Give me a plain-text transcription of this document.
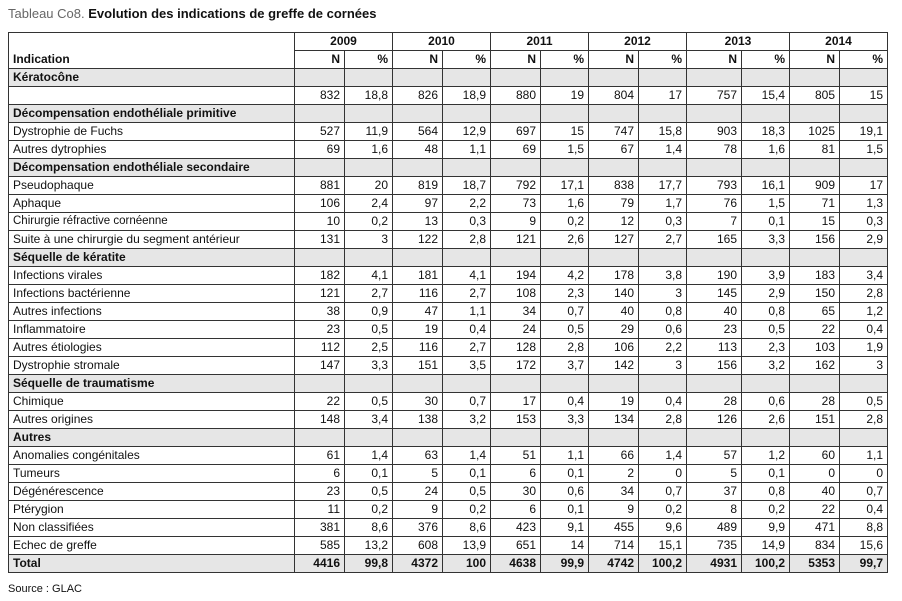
Tableau Co8. Evolution des indications de greffe de cornées
Indication	2009		2010		2011		2012		2013		2014	
	N	%	N	%	N	%	N	%	N	%	N	%
Kératocône												
	832	18,8	826	18,9	880	19	804	17	757	15,4	805	15
Décompensation endothéliale primitive												
Dystrophie de Fuchs	527	11,9	564	12,9	697	15	747	15,8	903	18,3	1025	19,1
Autres dytrophies	69	1,6	48	1,1	69	1,5	67	1,4	78	1,6	81	1,5
Décompensation endothéliale secondaire												
Pseudophaque	881	20	819	18,7	792	17,1	838	17,7	793	16,1	909	17
Aphaque	106	2,4	97	2,2	73	1,6	79	1,7	76	1,5	71	1,3
Chirurgie réfractive cornéenne	10	0,2	13	0,3	9	0,2	12	0,3	7	0,1	15	0,3
Suite à une chirurgie du segment antérieur	131	3	122	2,8	121	2,6	127	2,7	165	3,3	156	2,9
Séquelle de kératite												
Infections virales	182	4,1	181	4,1	194	4,2	178	3,8	190	3,9	183	3,4
Infections bactérienne	121	2,7	116	2,7	108	2,3	140	3	145	2,9	150	2,8
Autres infections	38	0,9	47	1,1	34	0,7	40	0,8	40	0,8	65	1,2
Inflammatoire	23	0,5	19	0,4	24	0,5	29	0,6	23	0,5	22	0,4
Autres étiologies	112	2,5	116	2,7	128	2,8	106	2,2	113	2,3	103	1,9
Dystrophie stromale	147	3,3	151	3,5	172	3,7	142	3	156	3,2	162	3
Séquelle de traumatisme												
Chimique	22	0,5	30	0,7	17	0,4	19	0,4	28	0,6	28	0,5
Autres origines	148	3,4	138	3,2	153	3,3	134	2,8	126	2,6	151	2,8
Autres												
Anomalies congénitales	61	1,4	63	1,4	51	1,1	66	1,4	57	1,2	60	1,1
Tumeurs	6	0,1	5	0,1	6	0,1	2	0	5	0,1	0	0
Dégénérescence	23	0,5	24	0,5	30	0,6	34	0,7	37	0,8	40	0,7
Ptérygion	11	0,2	9	0,2	6	0,1	9	0,2	8	0,2	22	0,4
Non classifiées	381	8,6	376	8,6	423	9,1	455	9,6	489	9,9	471	8,8
Echec de greffe	585	13,2	608	13,9	651	14	714	15,1	735	14,9	834	15,6
Total	4416	99,8	4372	100	4638	99,9	4742	100,2	4931	100,2	5353	99,7
Source : GLAC
